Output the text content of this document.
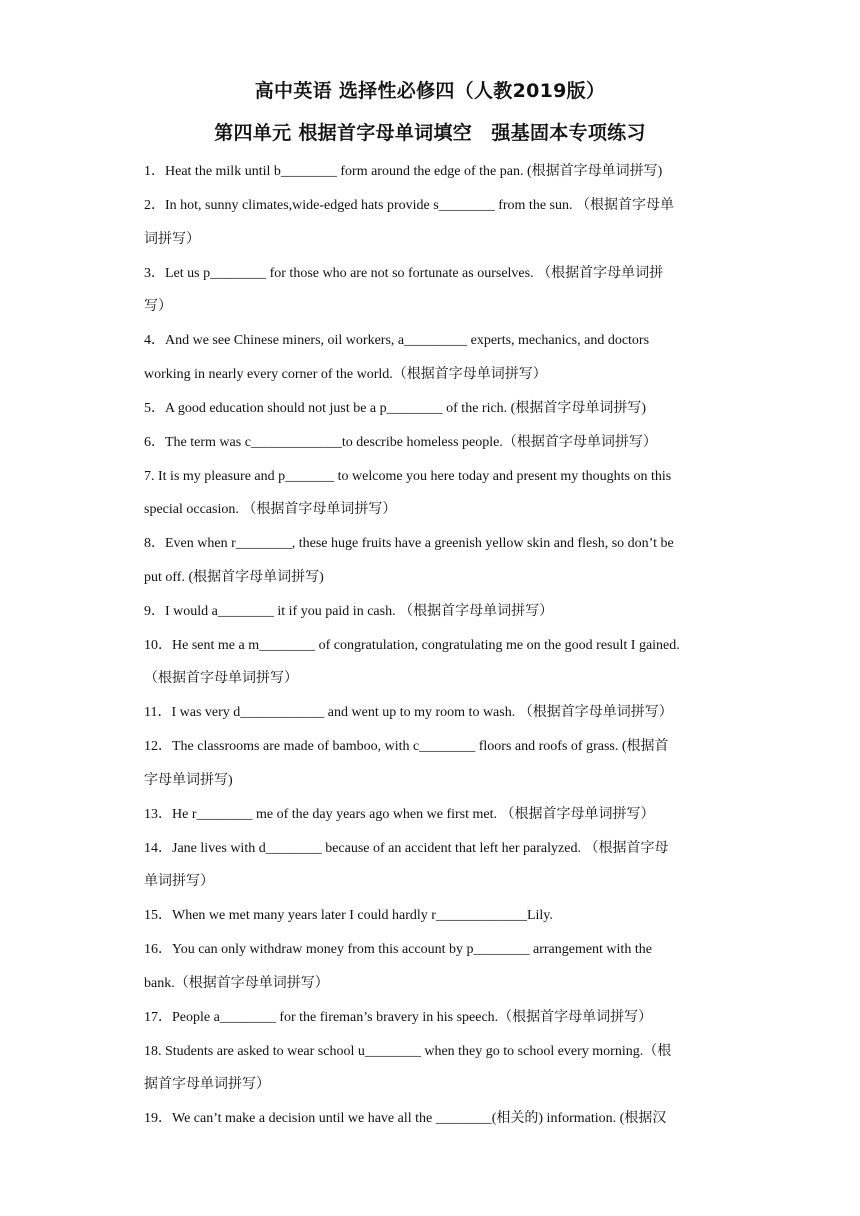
高中英语 选择性必修四（人教2019版）
第四单元 根据首字母单词填空　强基固本专项练习
1．Heat the milk until b________ form around the edge of the pan. (根据首字母单词拼写)
2．In hot, sunny climates,wide-edged hats provide s________ from the sun. （根据首字母单
词拼写）
3．Let us p________ for those who are not so fortunate as ourselves. （根据首字母单词拼
写）
4．And we see Chinese miners, oil workers, a_________ experts, mechanics, and doctors
working in nearly every corner of the world.（根据首字母单词拼写）
5．A good education should not just be a p________ of the rich. (根据首字母单词拼写)
6．The term was c_____________to describe homeless people.（根据首字母单词拼写）
7. It is my pleasure and p_______ to welcome you here today and present my thoughts on this
special occasion. （根据首字母单词拼写）
8．Even when r________, these huge fruits have a greenish yellow skin and flesh, so don’t be
put off. (根据首字母单词拼写)
9．I would a________ it if you paid in cash. （根据首字母单词拼写）
10．He sent me a m________ of congratulation, congratulating me on the good result I gained.
（根据首字母单词拼写）
11．I was very d____________ and went up to my room to wash. （根据首字母单词拼写）
12．The classrooms are made of bamboo, with c________ floors and roofs of grass. (根据首
字母单词拼写)
13．He r________ me of the day years ago when we first met. （根据首字母单词拼写）
14．Jane lives with d________ because of an accident that left her paralyzed. （根据首字母
单词拼写）
15．When we met many years later I could hardly r_____________Lily.
16．You can only withdraw money from this account by p________ arrangement with the
bank.（根据首字母单词拼写）
17．People a________ for the fireman’s bravery in his speech.（根据首字母单词拼写）
18. Students are asked to wear school u________ when they go to school every morning.（根
据首字母单词拼写）
19．We can’t make a decision until we have all the ________(相关的) information. (根据汉
